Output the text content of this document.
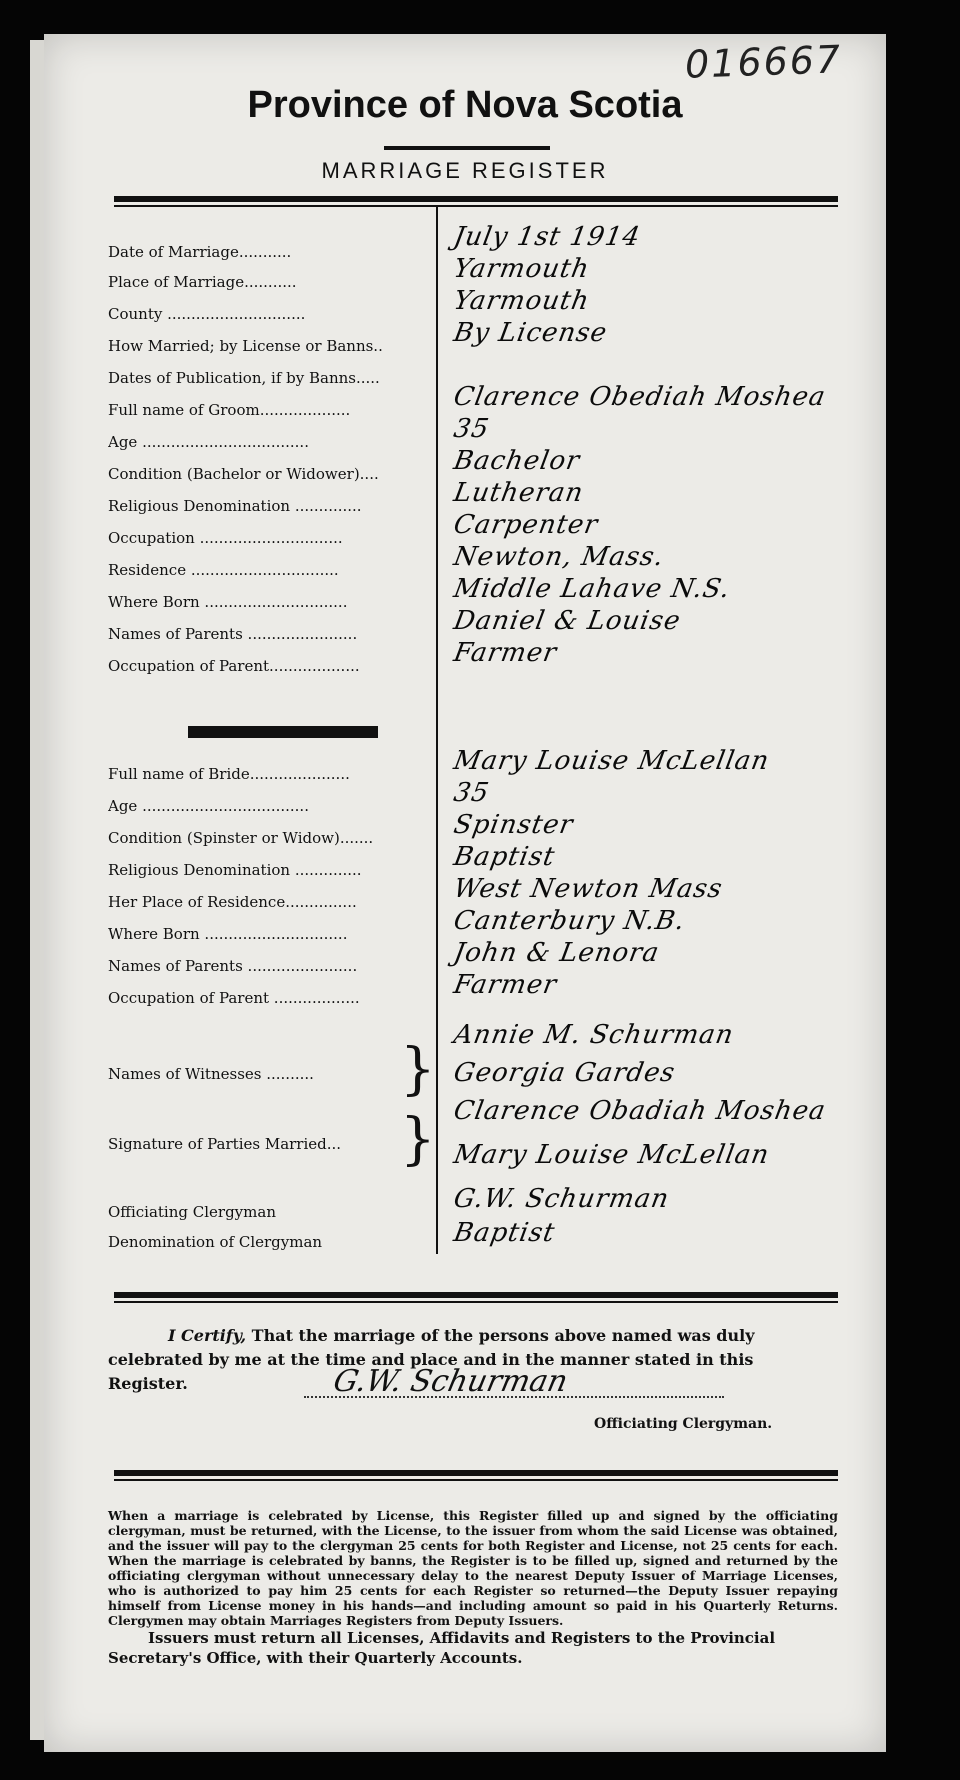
016667
Province of Nova Scotia
MARRIAGE REGISTER
Date of Marriage...........	July 1st 1914
Place of Marriage...........	Yarmouth
County .............................	Yarmouth
How Married; by License or Banns..	By License
Dates of Publication, if by Banns.....
Full name of Groom...................	Clarence Obediah Moshea
Age ...................................	35
Condition (Bachelor or Widower)....	Bachelor
Religious Denomination ..............	Lutheran
Occupation ..............................	Carpenter
Residence ...............................	Newton, Mass.
Where Born ..............................	Middle Lahave N.S.
Names of Parents .......................	Daniel & Louise
Occupation of Parent...................	Farmer
Full name of Bride.....................	Mary Louise McLellan
Age ...................................	35
Condition (Spinster or Widow).......	Spinster
Religious Denomination ..............	Baptist
Her Place of Residence...............	West Newton Mass
Where Born ..............................	Canterbury N.B.
Names of Parents .......................	John & Lenora
Occupation of Parent ..................	Farmer
Names of Witnesses ..........	}
Annie M. Schurman
Georgia Gardes
Signature of Parties Married...	} Clarence Obadiah Moshea
Mary Louise McLellan
Officiating Clergyman	G.W. Schurman
Denomination of Clergyman	Baptist
I Certify, That the marriage of the persons above named was duly celebrated by me at the time and place and in the manner stated in this Register.	G.W. Schurman
Officiating Clergyman.
When a marriage is celebrated by License, this Register filled up and signed by the officiating clergyman, must be returned, with the License, to the issuer from whom the said License was obtained, and the issuer will pay to the clergyman 25 cents for both Register and License, not 25 cents for each. When the marriage is celebrated by banns, the Register is to be filled up, signed and returned by the officiating clergyman without unnecessary delay to the nearest Deputy Issuer of Marriage Licenses, who is authorized to pay him 25 cents for each Register so returned—the Deputy Issuer repaying himself from License money in his hands—and including amount so paid in his Quarterly Returns. Clergymen may obtain Marriages Registers from Deputy Issuers.
Issuers must return all Licenses, Affidavits and Registers to the Provincial Secretary's Office, with their Quarterly Accounts.
